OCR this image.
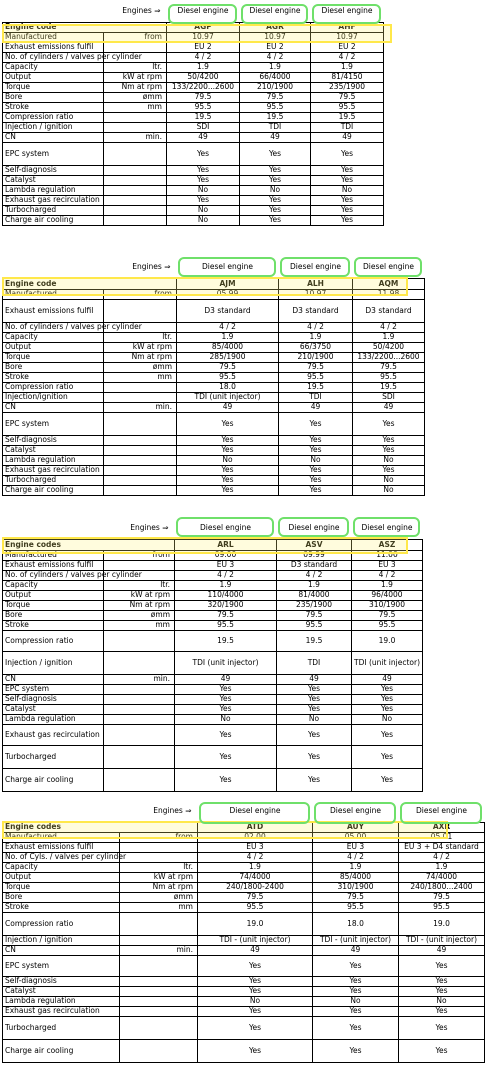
Engines ⇒		Diesel engine	Diesel engine	Diesel engine
Engine code		AGP	AGR	AHF
Manufactured	from	10.97	10.97	10.97
Exhaust emissions fulfil		EU 2	EU 2	EU 2
No. of cylinders / valves per cylinder		4 / 2	4 / 2	4 / 2
Capacity	ltr.	1.9	1.9	1.9
Output	kW at rpm	50/4200	66/4000	81/4150
Torque	Nm at rpm	133/2200...2600	210/1900	235/1900
Bore	ømm	79.5	79.5	79.5
Stroke	mm	95.5	95.5	95.5
Compression ratio		19.5	19.5	19.5
Injection / ignition		SDI	TDI	TDI
CN	min.	49	49	49
EPC system		Yes	Yes	Yes
Self-diagnosis		Yes	Yes	Yes
Catalyst		Yes	Yes	Yes
Lambda regulation		No	No	No
Exhaust gas recirculation		Yes	Yes	Yes
Turbocharged		No	Yes	Yes
Charge air cooling		No	Yes	Yes
Engines ⇒		Diesel engine	Diesel engine	Diesel engine
Engine code		AJM	ALH	AQM
Manufactured	from	05.99	10.97	11.98
Exhaust emissions fulfil		D3 standard	D3 standard	D3 standard
No. of cylinders / valves per cylinder		4 / 2	4 / 2	4 / 2
Capacity	ltr.	1.9	1.9	1.9
Output	kW at rpm	85/4000	66/3750	50/4200
Torque	Nm at rpm	285/1900	210/1900	133/2200...2600
Bore	ømm	79.5	79.5	79.5
Stroke	mm	95.5	95.5	95.5
Compression ratio		18.0	19.5	19.5
Injection/ignition		TDI (unit injector)	TDI	SDI
CN	min.	49	49	49
EPC system		Yes	Yes	Yes
Self-diagnosis		Yes	Yes	Yes
Catalyst		Yes	Yes	Yes
Lambda regulation		No	No	No
Exhaust gas recirculation		Yes	Yes	Yes
Turbocharged		Yes	Yes	No
Charge air cooling		Yes	Yes	No
Engines ⇒		Diesel engine	Diesel engine	Diesel engine
Engine codes		ARL	ASV	ASZ
Manufactured	from	09.00	09.99	11.00
Exhaust emissions fulfil		EU 3	D3 standard	EU 3
No. of cylinders / valves per cylinder		4 / 2	4 / 2	4 / 2
Capacity	ltr.	1.9	1.9	1.9
Output	kW at rpm	110/4000	81/4000	96/4000
Torque	Nm at rpm	320/1900	235/1900	310/1900
Bore	ømm	79.5	79.5	79.5
Stroke	mm	95.5	95.5	95.5
Compression ratio		19.5	19.5	19.0
Injection / ignition		TDI (unit injector)	TDI	TDI (unit injector)
CN	min.	49	49	49
EPC system		Yes	Yes	Yes
Self-diagnosis		Yes	Yes	Yes
Catalyst		Yes	Yes	Yes
Lambda regulation		No	No	No
Exhaust gas recirculation		Yes	Yes	Yes
Turbocharged		Yes	Yes	Yes
Charge air cooling		Yes	Yes	Yes
Engines ⇒		Diesel engine	Diesel engine	Diesel engine
Engine codes		ATD	AUY	AXR
Manufactured	from	02.00	05.00	05.01
Exhaust emissions fulfil		EU 3	EU 3	EU 3 + D4 standard
No. of Cyls. / valves per cylinder		4 / 2	4 / 2	4 / 2
Capacity	ltr.	1.9	1.9	1.9
Output	kW at rpm	74/4000	85/4000	74/4000
Torque	Nm at rpm	240/1800-2400	310/1900	240/1800...2400
Bore	ømm	79.5	79.5	79.5
Stroke	mm	95.5	95.5	95.5
Compression ratio		19.0	18.0	19.0
Injection / ignition		TDI - (unit injector)	TDI - (unit injector)	TDI - (unit injector)
CN	min.	49	49	49
EPC system		Yes	Yes	Yes
Self-diagnosis		Yes	Yes	Yes
Catalyst		Yes	Yes	Yes
Lambda regulation		No	No	No
Exhaust gas recirculation		Yes	Yes	Yes
Turbocharged		Yes	Yes	Yes
Charge air cooling		Yes	Yes	Yes
